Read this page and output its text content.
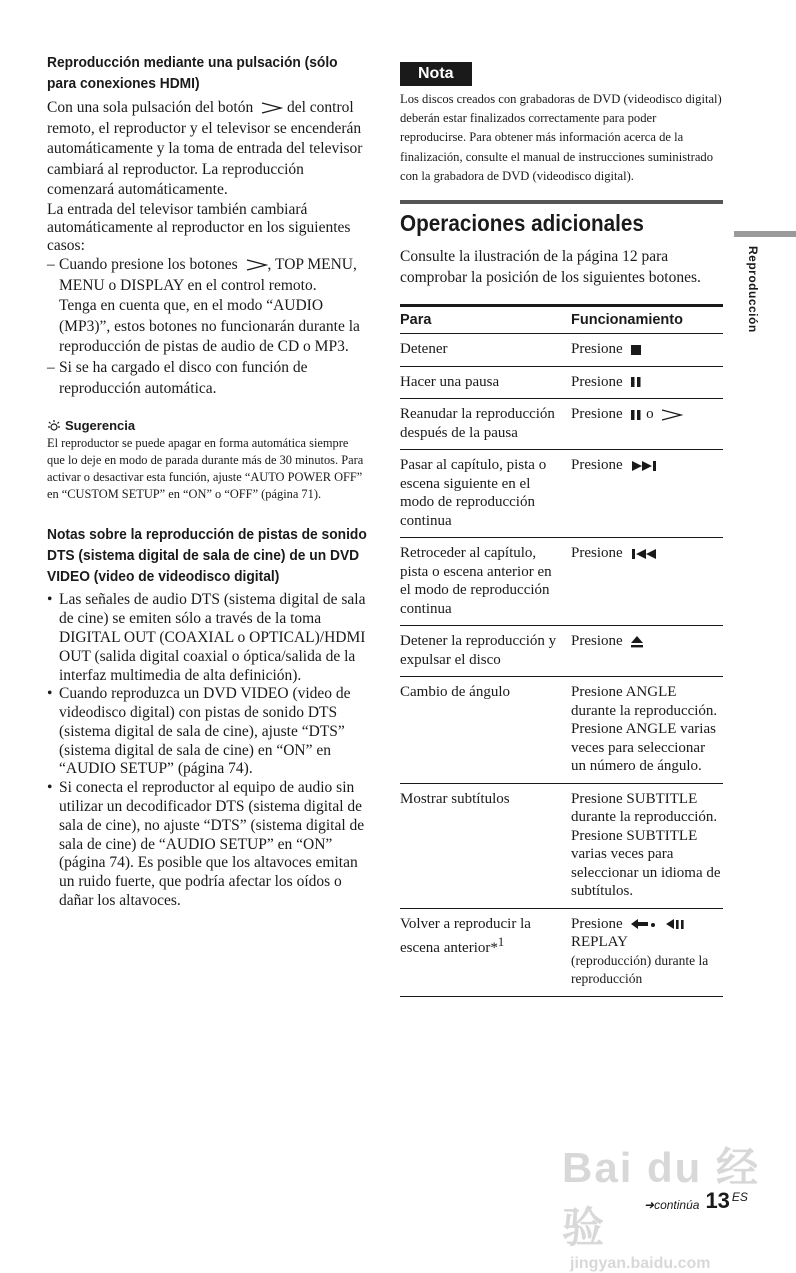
Reproducción mediante una pulsación (sólo para conexiones HDMI)

Con una sola pulsación del botón del control remoto, el reproductor y el televisor se encenderán automáticamente y la toma de entrada del televisor cambiará al reproductor. La reproducción comenzará automáticamente.

La entrada del televisor también cambiará automáticamente al reproductor en los siguientes casos:

– Cuando presione los botones , TOP MENU, MENU o DISPLAY en el control remoto.
Tenga en cuenta que, en el modo “AUDIO (MP3)”, estos botones no funcionarán durante la reproducción de pistas de audio de CD o MP3.
– Si se ha cargado el disco con función de reproducción automática.
Sugerencia

El reproductor se puede apagar en forma automática siempre que lo deje en modo de parada durante más de 30 minutos. Para activar o desactivar esta función, ajuste “AUTO POWER OFF” en “CUSTOM SETUP” en “ON” o “OFF” (página 71).

Notas sobre la reproducción de pistas de sonido DTS (sistema digital de sala de cine) de un DVD VIDEO (video de videodisco digital)
• Las señales de audio DTS (sistema digital de sala de cine) se emiten sólo a través de la toma DIGITAL OUT (COAXIAL o OPTICAL)/HDMI OUT (salida digital coaxial o óptica/salida de la interfaz multimedia de alta definición).
• Cuando reproduzca un DVD VIDEO (video de videodisco digital) con pistas de sonido DTS (sistema digital de sala de cine), ajuste “DTS” (sistema digital de sala de cine) en “ON” en “AUDIO SETUP” (página 74).
• Si conecta el reproductor al equipo de audio sin utilizar un decodificador DTS (sistema digital de sala de cine), no ajuste “DTS” (sistema digital de sala de cine) de “AUDIO SETUP” en “ON” (página 74). Es posible que los altavoces emitan un ruido fuerte, que podría afectar los oídos o dañar los altavoces.
Nota

Los discos creados con grabadoras de DVD (videodisco digital) deberán estar finalizados correctamente para poder reproducirse. Para obtener más información acerca de la finalización, consulte el manual de instrucciones suministrado con la grabadora de DVD (videodisco digital).

Operaciones adicionales

Consulte la ilustración de la página 12 para comprobar la posición de los siguientes botones.

Para	Funcionamiento
Detener	Presione
Hacer una pausa	Presione
Reanudar la reproducción después de la pausa	Presione o
Pasar al capítulo, pista o escena siguiente en el modo de reproducción continua	Presione
Retroceder al capítulo, pista o escena anterior en el modo de reproducción continua	Presione
Detener la reproducción y expulsar el disco	Presione
Cambio de ángulo	Presione ANGLE durante la reproducción. Presione ANGLE varias veces para seleccionar un número de ángulo.
Mostrar subtítulos	Presione SUBTITLE durante la reproducción. Presione SUBTITLE varias veces para seleccionar un idioma de subtítulos.
Volver a reproducir la escena anterior*$^1$	Presione
REPLAY
(reproducción) durante la reproducción
Reproducción
Bai du 经验
jingyan.baidu.com
➜continúa 13 ES
